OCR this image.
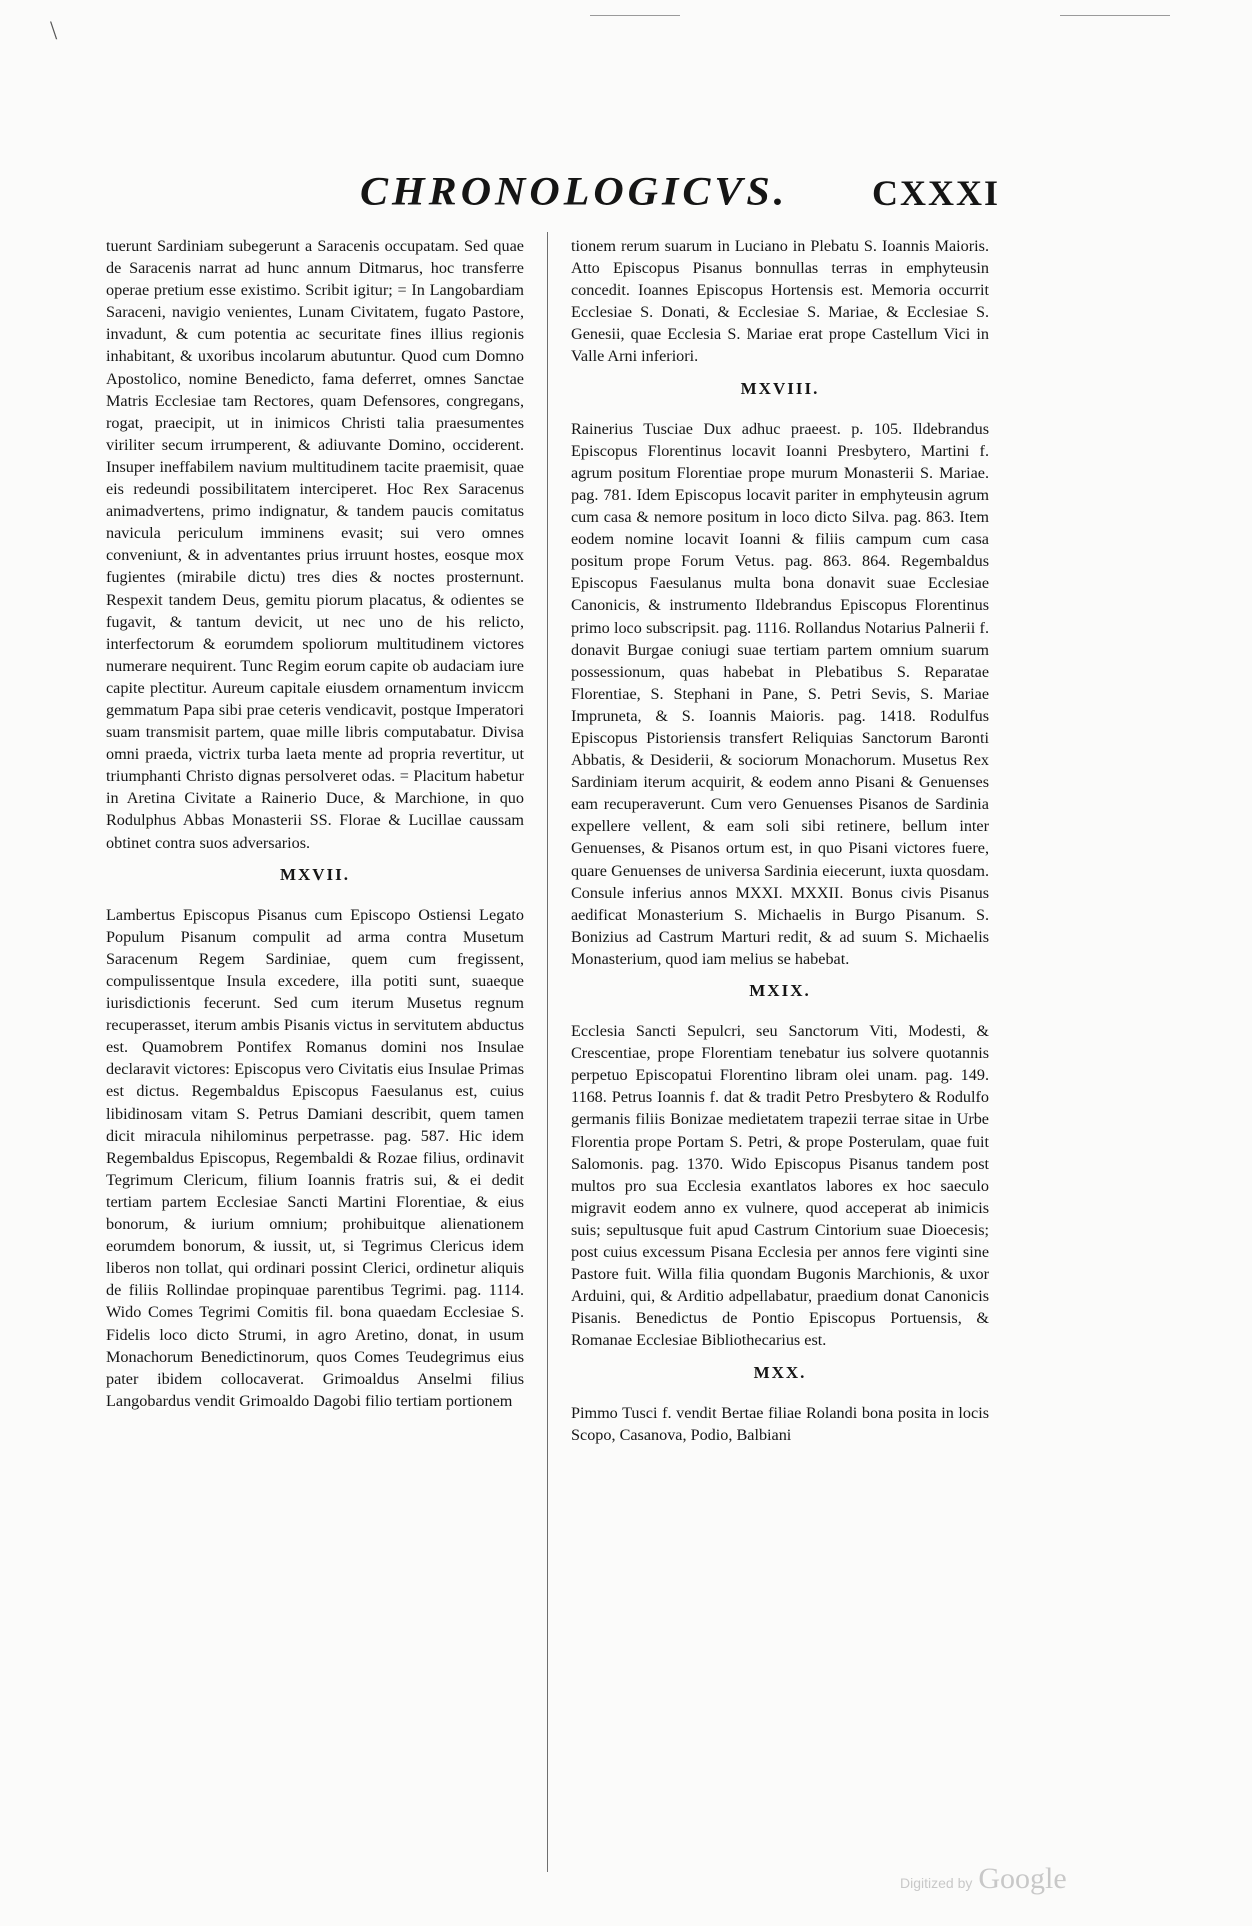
\
CHRONOLOGICVS. CXXXI

tuerunt Sardiniam subegerunt a Saracenis occupatam. Sed quae de Saracenis narrat ad hunc annum Ditmarus, hoc transferre operae pretium esse existimo. Scribit igitur; = In Langobardiam Saraceni, navigio venientes, Lunam Civitatem, fugato Pastore, invadunt, & cum potentia ac securitate fines illius regionis inhabitant, & uxoribus incolarum abutuntur. Quod cum Domno Apostolico, nomine Benedicto, fama deferret, omnes Sanctae Matris Ecclesiae tam Rectores, quam Defensores, congregans, rogat, praecipit, ut in inimicos Christi talia praesumentes viriliter secum irrumperent, & adiuvante Domino, occiderent. Insuper ineffabilem navium multitudinem tacite praemisit, quae eis redeundi possibilitatem interciperet. Hoc Rex Saracenus animadvertens, primo indignatur, & tandem paucis comitatus navicula periculum imminens evasit; sui vero omnes conveniunt, & in adventantes prius irruunt hostes, eosque mox fugientes (mirabile dictu) tres dies & noctes prosternunt. Respexit tandem Deus, gemitu piorum placatus, & odientes se fugavit, & tantum devicit, ut nec uno de his relicto, interfectorum & eorumdem spoliorum multitudinem victores numerare nequirent. Tunc Regim eorum capite ob audaciam iure capite plectitur. Aureum capitale eiusdem ornamentum inviccm gemmatum Papa sibi prae ceteris vendicavit, postque Imperatori suam transmisit partem, quae mille libris computabatur. Divisa omni praeda, victrix turba laeta mente ad propria revertitur, ut triumphanti Christo dignas persolveret odas. = Placitum habetur in Aretina Civitate a Rainerio Duce, & Marchione, in quo Rodulphus Abbas Monasterii SS. Florae & Lucillae caussam obtinet contra suos adversarios.

MXVII.

Lambertus Episcopus Pisanus cum Episcopo Ostiensi Legato Populum Pisanum compulit ad arma contra Musetum Saracenum Regem Sardiniae, quem cum fregissent, compulissentque Insula excedere, illa potiti sunt, suaeque iurisdictionis fecerunt. Sed cum iterum Musetus regnum recuperasset, iterum ambis Pisanis victus in servitutem abductus est. Quamobrem Pontifex Romanus domini nos Insulae declaravit victores: Episcopus vero Civitatis eius Insulae Primas est dictus. Regembaldus Episcopus Faesulanus est, cuius libidinosam vitam S. Petrus Damiani describit, quem tamen dicit miracula nihilominus perpetrasse. pag. 587. Hic idem Regembaldus Episcopus, Regembaldi & Rozae filius, ordinavit Tegrimum Clericum, filium Ioannis fratris sui, & ei dedit tertiam partem Ecclesiae Sancti Martini Florentiae, & eius bonorum, & iurium omnium; prohibuitque alienationem eorumdem bonorum, & iussit, ut, si Tegrimus Clericus idem liberos non tollat, qui ordinari possint Clerici, ordinetur aliquis de filiis Rollindae propinquae parentibus Tegrimi. pag. 1114. Wido Comes Tegrimi Comitis fil. bona quaedam Ecclesiae S. Fidelis loco dicto Strumi, in agro Aretino, donat, in usum Monachorum Benedictinorum, quos Comes Teudegrimus eius pater ibidem collocaverat. Grimoaldus Anselmi filius Langobardus vendit Grimoaldo Dagobi filio tertiam portionem

tionem rerum suarum in Luciano in Plebatu S. Ioannis Maioris. Atto Episcopus Pisanus bonnullas terras in emphyteusin concedit. Ioannes Episcopus Hortensis est. Memoria occurrit Ecclesiae S. Donati, & Ecclesiae S. Mariae, & Ecclesiae S. Genesii, quae Ecclesia S. Mariae erat prope Castellum Vici in Valle Arni inferiori.

MXVIII.

Rainerius Tusciae Dux adhuc praeest. p. 105. Ildebrandus Episcopus Florentinus locavit Ioanni Presbytero, Martini f. agrum positum Florentiae prope murum Monasterii S. Mariae. pag. 781. Idem Episcopus locavit pariter in emphyteusin agrum cum casa & nemore positum in loco dicto Silva. pag. 863. Item eodem nomine locavit Ioanni & filiis campum cum casa positum prope Forum Vetus. pag. 863. 864. Regembaldus Episcopus Faesulanus multa bona donavit suae Ecclesiae Canonicis, & instrumento Ildebrandus Episcopus Florentinus primo loco subscripsit. pag. 1116. Rollandus Notarius Palnerii f. donavit Burgae coniugi suae tertiam partem omnium suarum possessionum, quas habebat in Plebatibus S. Reparatae Florentiae, S. Stephani in Pane, S. Petri Sevis, S. Mariae Impruneta, & S. Ioannis Maioris. pag. 1418. Rodulfus Episcopus Pistoriensis transfert Reliquias Sanctorum Baronti Abbatis, & Desiderii, & sociorum Monachorum. Musetus Rex Sardiniam iterum acquirit, & eodem anno Pisani & Genuenses eam recuperaverunt. Cum vero Genuenses Pisanos de Sardinia expellere vellent, & eam soli sibi retinere, bellum inter Genuenses, & Pisanos ortum est, in quo Pisani victores fuere, quare Genuenses de universa Sardinia eiecerunt, iuxta quosdam. Consule inferius annos MXXI. MXXII. Bonus civis Pisanus aedificat Monasterium S. Michaelis in Burgo Pisanum. S. Bonizius ad Castrum Marturi redit, & ad suum S. Michaelis Monasterium, quod iam melius se habebat.

MXIX.

Ecclesia Sancti Sepulcri, seu Sanctorum Viti, Modesti, & Crescentiae, prope Florentiam tenebatur ius solvere quotannis perpetuo Episcopatui Florentino libram olei unam. pag. 149. 1168. Petrus Ioannis f. dat & tradit Petro Presbytero & Rodulfo germanis filiis Bonizae medietatem trapezii terrae sitae in Urbe Florentia prope Portam S. Petri, & prope Posterulam, quae fuit Salomonis. pag. 1370. Wido Episcopus Pisanus tandem post multos pro sua Ecclesia exantlatos labores ex hoc saeculo migravit eodem anno ex vulnere, quod acceperat ab inimicis suis; sepultusque fuit apud Castrum Cintorium suae Dioecesis; post cuius excessum Pisana Ecclesia per annos fere viginti sine Pastore fuit. Willa filia quondam Bugonis Marchionis, & uxor Arduini, qui, & Arditio adpellabatur, praedium donat Canonicis Pisanis. Benedictus de Pontio Episcopus Portuensis, & Romanae Ecclesiae Bibliothecarius est.

MXX.

Pimmo Tusci f. vendit Bertae filiae Rolandi bona posita in locis Scopo, Casanova, Podio, Balbiani

Digitized by Google
